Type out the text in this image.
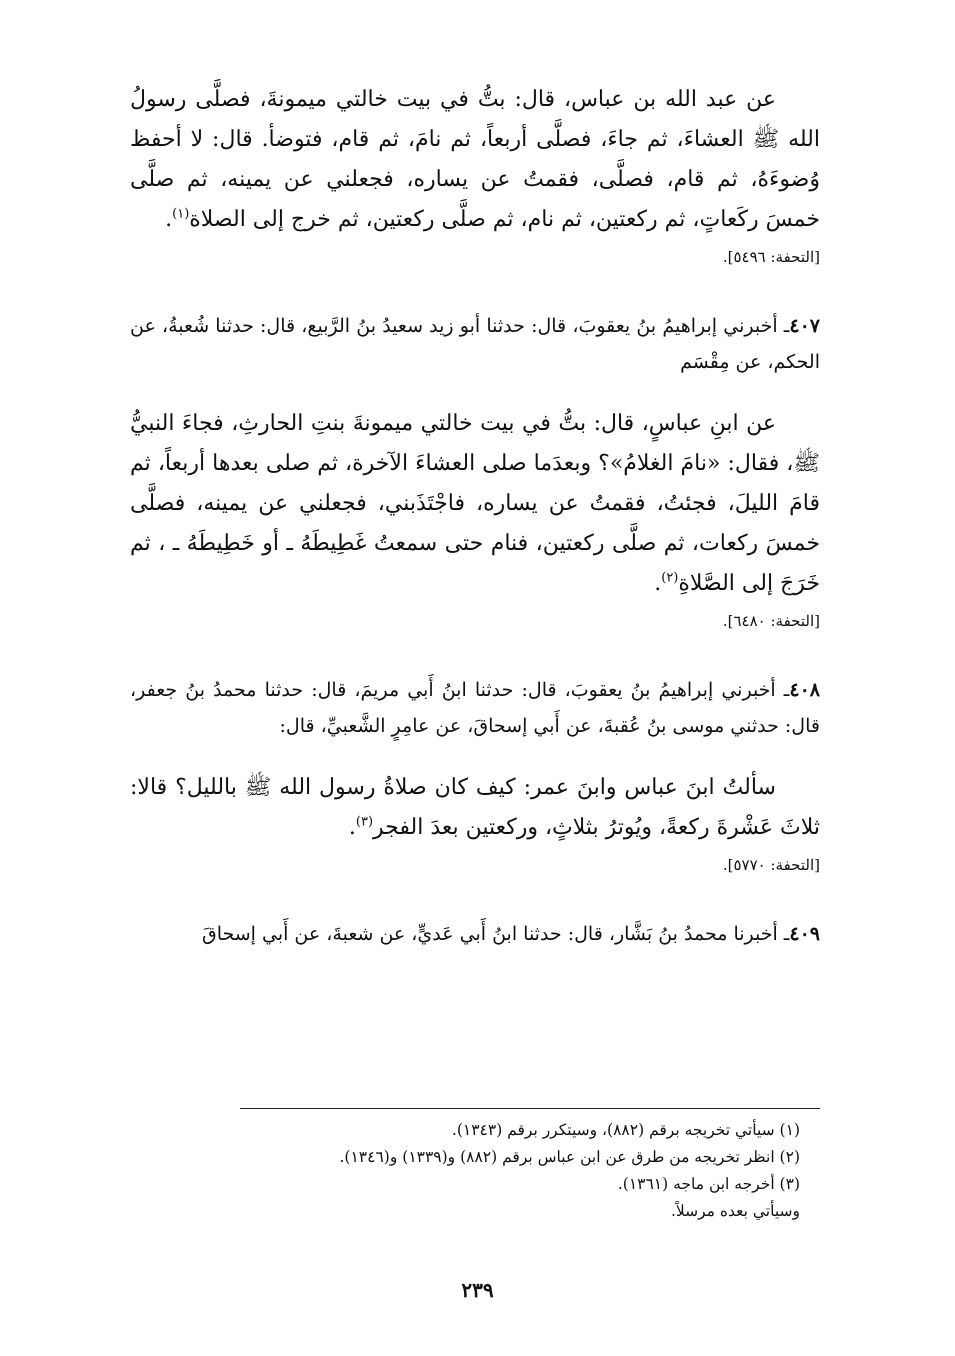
عن عبد الله بن عباس، قال: بتُّ في بيت خالتي ميمونةَ، فصلَّى رسولُ الله ﷺ العشاءَ، ثم جاءَ، فصلَّى أربعاً، ثم نامَ، ثم قام، فتوضأ. قال: لا أحفظ وُضوءَهُ، ثم قام، فصلَّى، فقمتُ عن يساره، فجعلني عن يمينه، ثم صلَّى خمسَ ركَعاتٍ، ثم ركعتين، ثم نام، ثم صلَّى ركعتين، ثم خرج إلى الصلاة$^{(١)}$.

[التحفة: ٥٤٩٦].

٤٠٧ـ أخبرني إبراهيمُ بنُ يعقوبَ، قال: حدثنا أبو زيد سعيدُ بنُ الرَّبيع، قال: حدثنا شُعبةُ، عن الحكم، عن مِقْسَم

عن ابنِ عباسٍ، قال: بتُّ في بيت خالتي ميمونةَ بنتِ الحارثِ، فجاءَ النبيُّ ﷺ، فقال: «نامَ الغلامُ»؟ وبعدَما صلى العشاءَ الآخرة، ثم صلى بعدها أربعاً، ثم قامَ الليلَ، فجئتُ، فقمتُ عن يساره، فاجْتَذَبني، فجعلني عن يمينه، فصلَّى خمسَ ركعات، ثم صلَّى ركعتين، فنام حتى سمعتُ غَطِيطَهُ ـ أو خَطِيطَهُ ـ ، ثم خَرَجَ إلى الصَّلاةِ$^{(٢)}$.

[التحفة: ٦٤٨٠].

٤٠٨ـ أخبرني إبراهيمُ بنُ يعقوبَ، قال: حدثنا ابنُ أَبي مريمَ، قال: حدثنا محمدُ بنُ جعفر، قال: حدثني موسى بنُ عُقبةَ، عن أَبي إسحاقَ، عن عامِرٍ الشَّعبيِّ، قال:

سألتُ ابنَ عباس وابنَ عمر: كيف كان صلاةُ رسول الله ﷺ بالليل؟ قالا: ثلاثَ عَشْرةَ ركعةً، ويُوترُ بثلاثٍ، وركعتين بعدَ الفجر$^{(٣)}$.

[التحفة: ٥٧٧٠].

٤٠٩ـ أخبرنا محمدُ بنُ بَشَّار، قال: حدثنا ابنُ أَبي عَديٍّ، عن شعبةَ، عن أَبي إسحاقَ

(١) سيأتي تخريجه برقم (٨٨٢)، وسيتكرر برقم (١٣٤٣).

(٢) انظر تخريجه من طرق عن ابن عباس برقم (٨٨٢) و(١٣٣٩) و(١٣٤٦).

(٣) أخرجه ابن ماجه (١٣٦١).

وسيأتي بعده مرسلاً.

٢٣٩
